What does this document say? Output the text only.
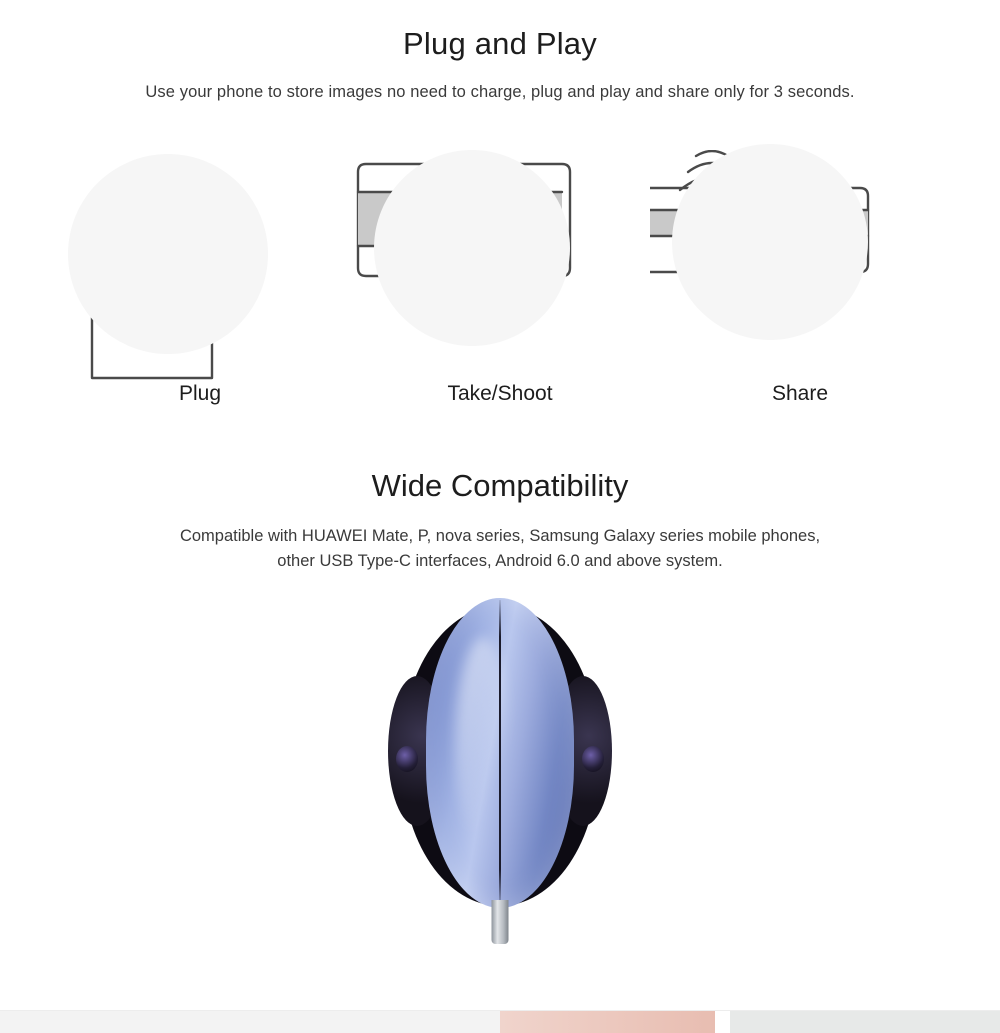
Plug and Play
Use your phone to store images no need to charge, plug and play and share only for 3 seconds.
Plug	Take/Shoot	Share
Wide Compatibility
Compatible with HUAWEI Mate, P, nova series, Samsung Galaxy series mobile phones,
other USB Type-C interfaces, Android 6.0 and above system.
